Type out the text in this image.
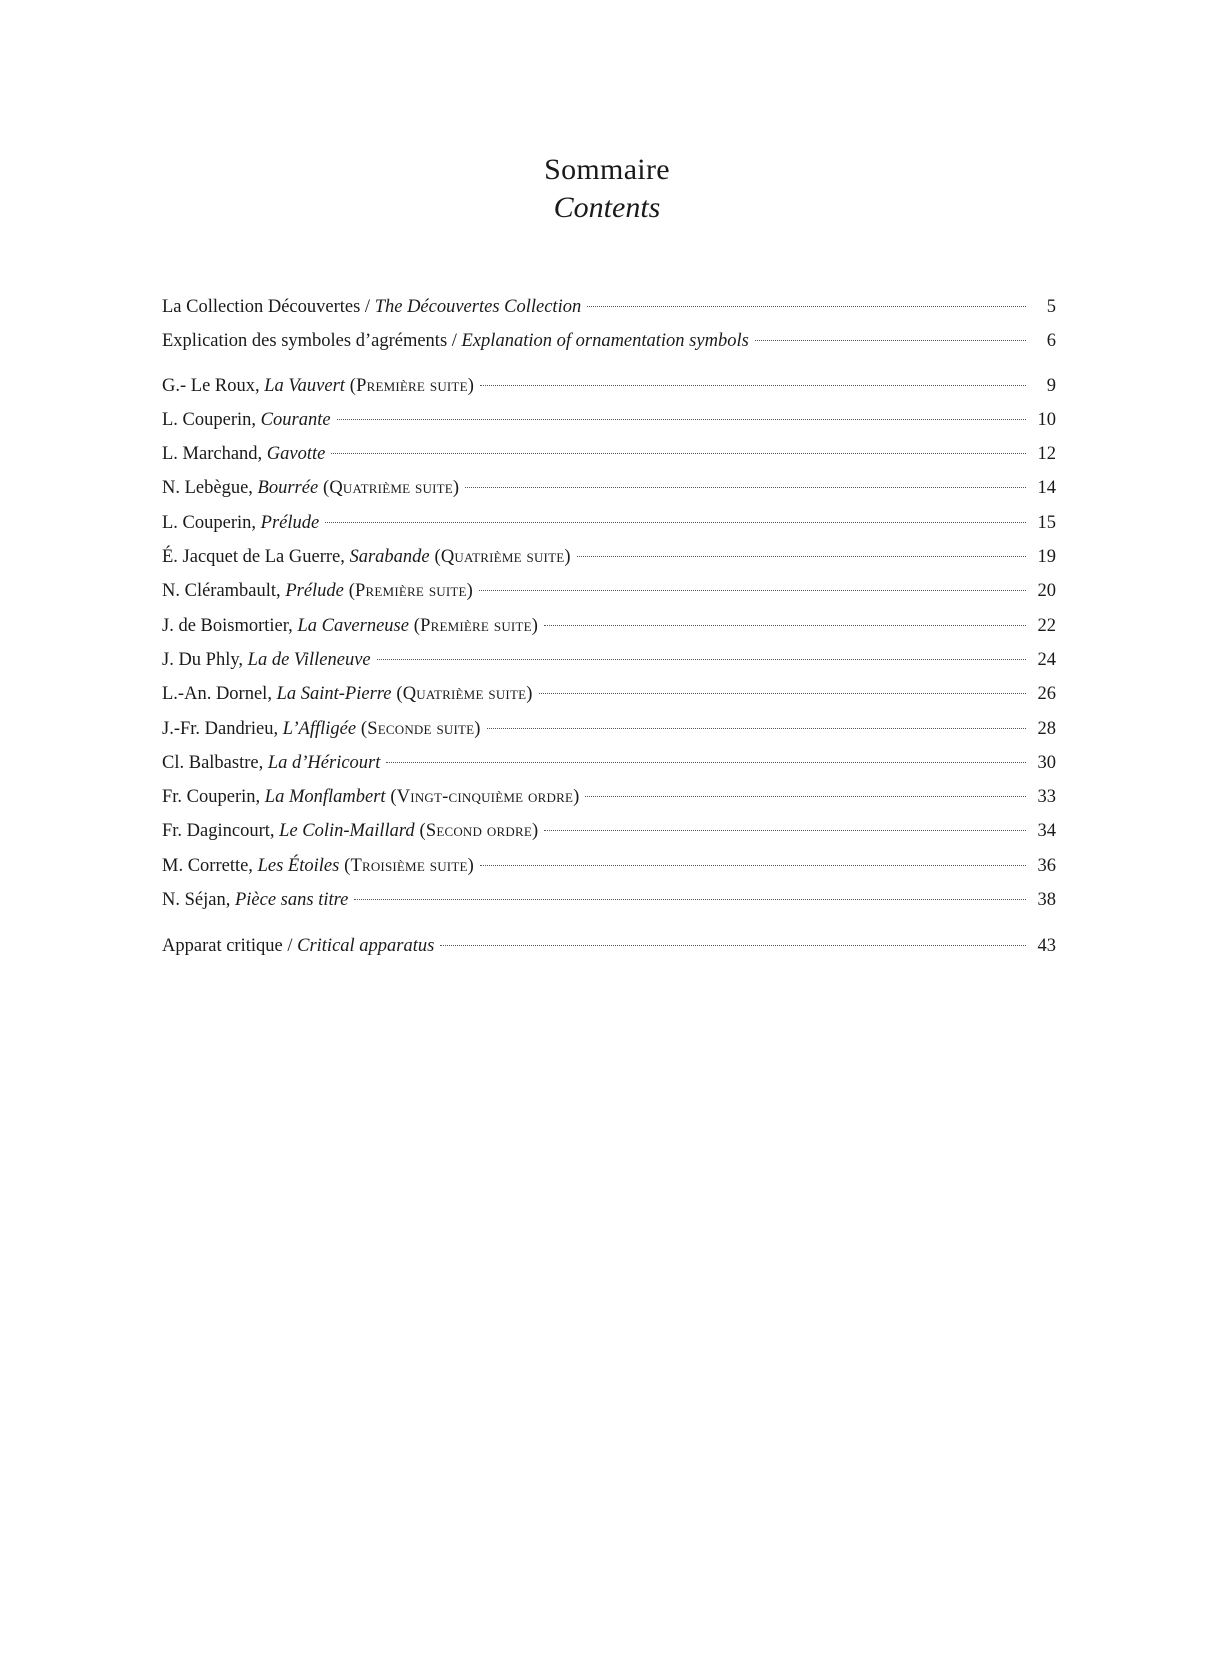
Sommaire
Contents
La Collection Découvertes / The Découvertes Collection	5
Explication des symboles d’agréments / Explanation of ornamentation symbols	6
G.- Le Roux, La Vauvert (Première suite)	9
L. Couperin, Courante	10
L. Marchand, Gavotte	12
N. Lebègue, Bourrée (Quatrième suite)	14
L. Couperin, Prélude	15
É. Jacquet de La Guerre, Sarabande (Quatrième suite)	19
N. Clérambault, Prélude (Première suite)	20
J. de Boismortier, La Caverneuse (Première suite)	22
J. Du Phly, La de Villeneuve	24
L.-An. Dornel, La Saint-Pierre (Quatrième suite)	26
J.-Fr. Dandrieu, L’Affligée (Seconde suite)	28
Cl. Balbastre, La d’Héricourt	30
Fr. Couperin, La Monflambert (Vingt-cinquième ordre)	33
Fr. Dagincourt, Le Colin-Maillard (Second ordre)	34
M. Corrette, Les Étoiles (Troisième suite)	36
N. Séjan, Pièce sans titre	38
Apparat critique / Critical apparatus	43
